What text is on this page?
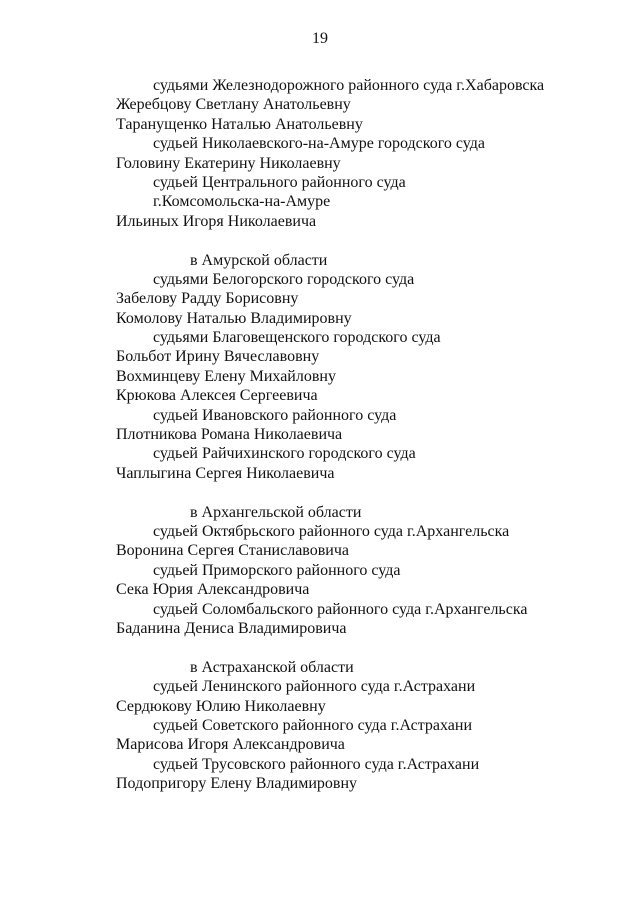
19
судьями Железнодорожного районного суда г.Хабаровска
Жеребцову Светлану Анатольевну
Таранущенко Наталью Анатольевну
судьей Николаевского-на-Амуре городского суда
Головину Екатерину Николаевну
судьей Центрального районного суда
г.Комсомольска-на-Амуре
Ильиных Игоря Николаевича
в Амурской области
судьями Белогорского городского суда
Забелову Радду Борисовну
Комолову Наталью Владимировну
судьями Благовещенского городского суда
Больбот Ирину Вячеславовну
Вохминцеву Елену Михайловну
Крюкова Алексея Сергеевича
судьей Ивановского районного суда
Плотникова Романа Николаевича
судьей Райчихинского городского суда
Чаплыгина Сергея Николаевича
в Архангельской области
судьей Октябрьского районного суда г.Архангельска
Воронина Сергея Станиславовича
судьей Приморского районного суда
Сека Юрия Александровича
судьей Соломбальского районного суда г.Архангельска
Баданина Дениса Владимировича
в Астраханской области
судьей Ленинского районного суда г.Астрахани
Сердюкову Юлию Николаевну
судьей Советского районного суда г.Астрахани
Марисова Игоря Александровича
судьей Трусовского районного суда г.Астрахани
Подопригору Елену Владимировну
